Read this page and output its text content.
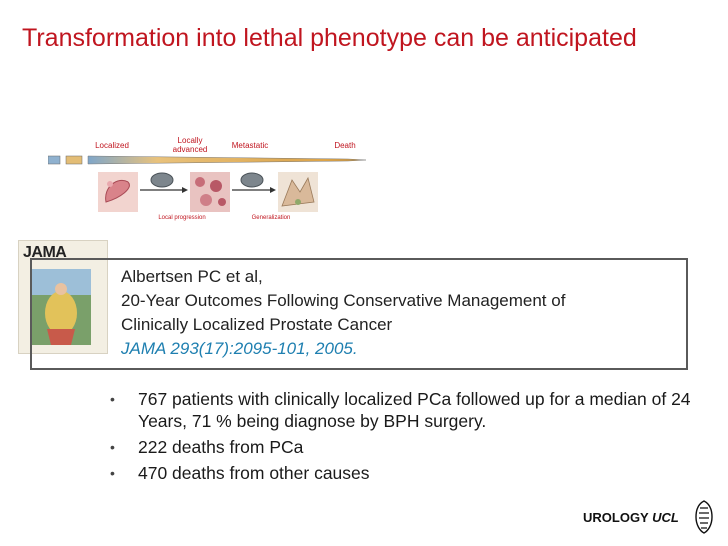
Transformation into lethal phenotype can be anticipated
Localized
Locally advanced	Metastatic	Death
Local progression	Generalization
JAMA
Albertsen PC et al,
20-Year Outcomes Following Conservative Management of
Clinically Localized Prostate Cancer
JAMA 293(17):2095-101, 2005.
• 767 patients with clinically localized PCa followed up for a median of 24 Years, 71 % being diagnose by BPH surgery.
• 222 deaths from PCa
• 470 deaths from other causes
UROLOGY UCL
